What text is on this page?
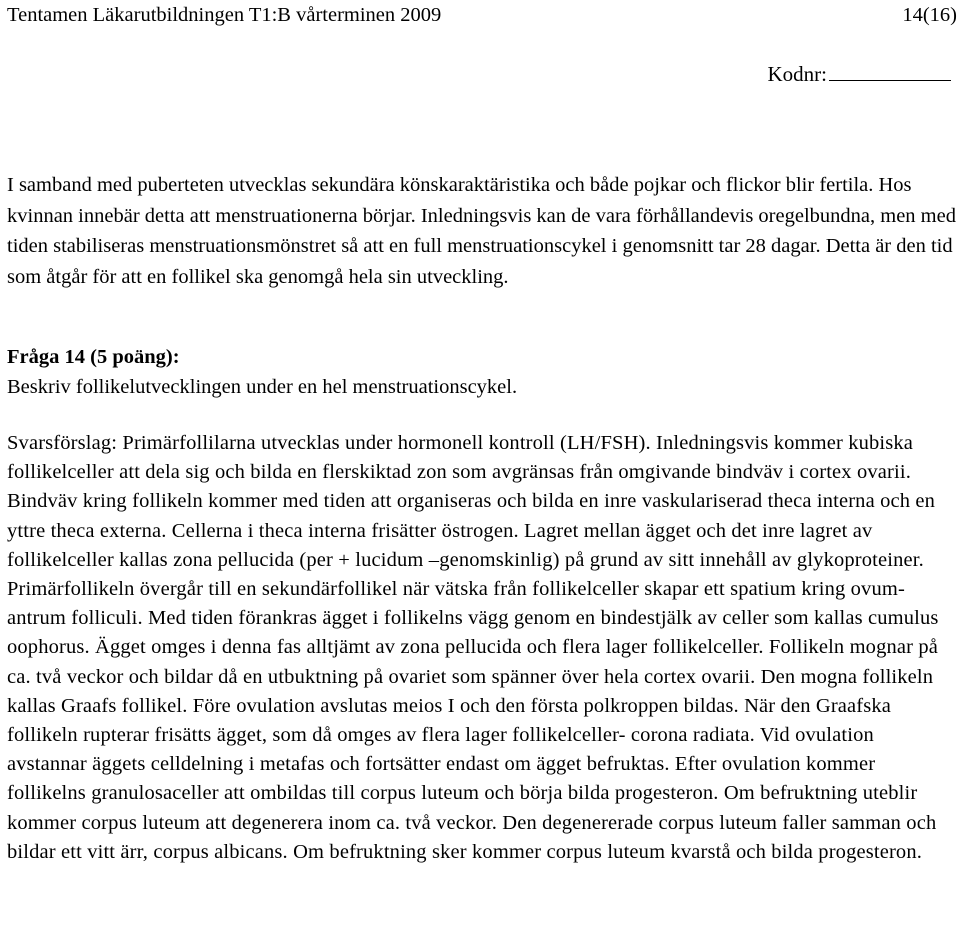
Tentamen Läkarutbildningen T1:B vårterminen 2009	14(16)
Kodnr:

I samband med puberteten utvecklas sekundära könskaraktäristika och både pojkar och flickor blir fertila. Hos kvinnan innebär detta att menstruationerna börjar. Inledningsvis kan de vara förhållandevis oregelbundna, men med tiden stabiliseras menstruationsmönstret så att en full menstruationscykel i genomsnitt tar 28 dagar. Detta är den tid som åtgår för att en follikel ska genomgå hela sin utveckling.

Fråga 14 (5 poäng):
Beskriv follikelutvecklingen under en hel menstruationscykel.

Svarsförslag: Primärfollilarna utvecklas under hormonell kontroll (LH/FSH). Inledningsvis kommer kubiska follikelceller att dela sig och bilda en flerskiktad zon som avgränsas från omgivande bindväv i cortex ovarii. Bindväv kring follikeln kommer med tiden att organiseras och bilda en inre vaskulariserad theca interna och en yttre theca externa. Cellerna i theca interna frisätter östrogen. Lagret mellan ägget och det inre lagret av follikelceller kallas zona pellucida (per + lucidum –genomskinlig) på grund av sitt innehåll av glykoproteiner. Primärfollikeln övergår till en sekundärfollikel när vätska från follikelceller skapar ett spatium kring ovum- antrum folliculi. Med tiden förankras ägget i follikelns vägg genom en bindestjälk av celler som kallas cumulus oophorus. Ägget omges i denna fas alltjämt av zona pellucida och flera lager follikelceller. Follikeln mognar på ca. två veckor och bildar då en utbuktning på ovariet som spänner över hela cortex ovarii. Den mogna follikeln kallas Graafs follikel. Före ovulation avslutas meios I och den första polkroppen bildas. När den Graafska follikeln rupterar frisätts ägget, som då omges av flera lager follikelceller- corona radiata. Vid ovulation avstannar äggets celldelning i metafas och fortsätter endast om ägget befruktas. Efter ovulation kommer follikelns granulosaceller att ombildas till corpus luteum och börja bilda progesteron. Om befruktning uteblir kommer corpus luteum att degenerera inom ca. två veckor. Den degenererade corpus luteum faller samman och bildar ett vitt ärr, corpus albicans. Om befruktning sker kommer corpus luteum kvarstå och bilda progesteron.
